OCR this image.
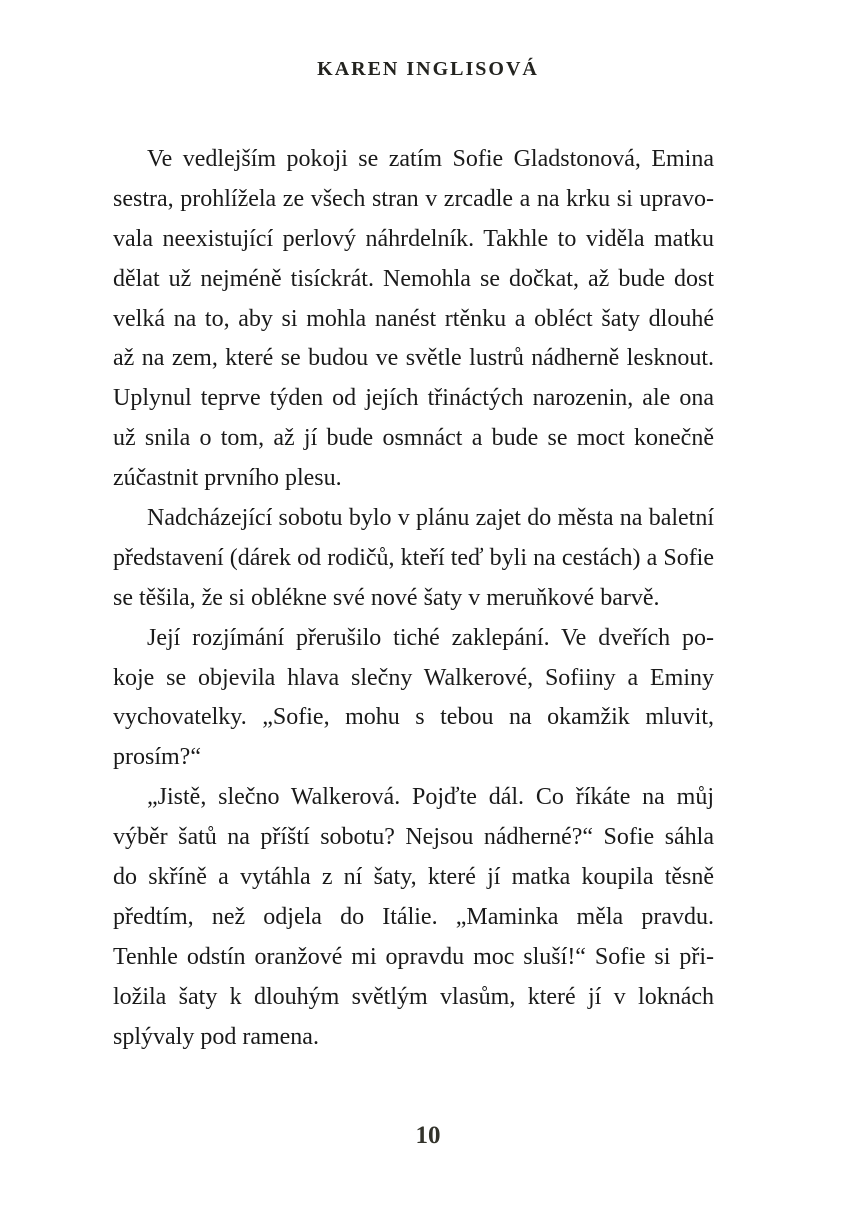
KAREN INGLISOVÁ
Ve vedlejším pokoji se zatím Sofie Gladstonová, Emina
sestra, prohlížela ze všech stran v zrcadle a na krku si upravo-
vala neexistující perlový náhrdelník. Takhle to viděla matku
dělat už nejméně tisíckrát. Nemohla se dočkat, až bude dost
velká na to, aby si mohla nanést rtěnku a obléct šaty dlouhé
až na zem, které se budou ve světle lustrů nádherně lesknout.
Uplynul teprve týden od jejích třináctých narozenin, ale ona
už snila o tom, až jí bude osmnáct a bude se moct konečně
zúčastnit prvního plesu.
Nadcházející sobotu bylo v plánu zajet do města na baletní
představení (dárek od rodičů, kteří teď byli na cestách) a Sofie
se těšila, že si oblékne své nové šaty v meruňkové barvě.
Její rozjímání přerušilo tiché zaklepání. Ve dveřích po-
koje se objevila hlava slečny Walkerové, Sofiiny a Eminy
vychovatelky. „Sofie, mohu s tebou na okamžik mluvit,
prosím?“
„Jistě, slečno Walkerová. Pojďte dál. Co říkáte na můj
výběr šatů na příští sobotu? Nejsou nádherné?“ Sofie sáhla
do skříně a vytáhla z ní šaty, které jí matka koupila těsně
předtím, než odjela do Itálie. „Maminka měla pravdu.
Tenhle odstín oranžové mi opravdu moc sluší!“ Sofie si při-
ložila šaty k dlouhým světlým vlasům, které jí v loknách
splývaly pod ramena.
10
